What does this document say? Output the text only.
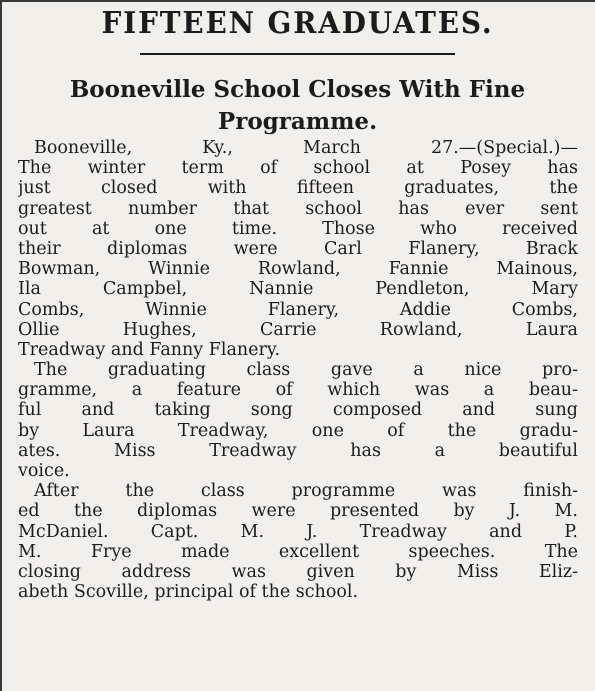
FIFTEEN GRADUATES.
Booneville School Closes With Fine
Programme.
Booneville, Ky., March 27.—(Special.)—
The winter term of school at Posey has
just closed with fifteen graduates, the
greatest number that school has ever sent
out at one time. Those who received
their diplomas were Carl Flanery, Brack
Bowman, Winnie Rowland, Fannie Mainous,
Ila Campbel, Nannie Pendleton, Mary
Combs, Winnie Flanery, Addie Combs,
Ollie Hughes, Carrie Rowland, Laura
Treadway and Fanny Flanery.
The graduating class gave a nice pro-
gramme, a feature of which was a beau-
ful and taking song composed and sung
by Laura Treadway, one of the gradu-
ates. Miss Treadway has a beautiful
voice.
After the class programme was finish-
ed the diplomas were presented by J. M.
McDaniel. Capt. M. J. Treadway and P.
M. Frye made excellent speeches. The
closing address was given by Miss Eliz-
abeth Scoville, principal of the school.
